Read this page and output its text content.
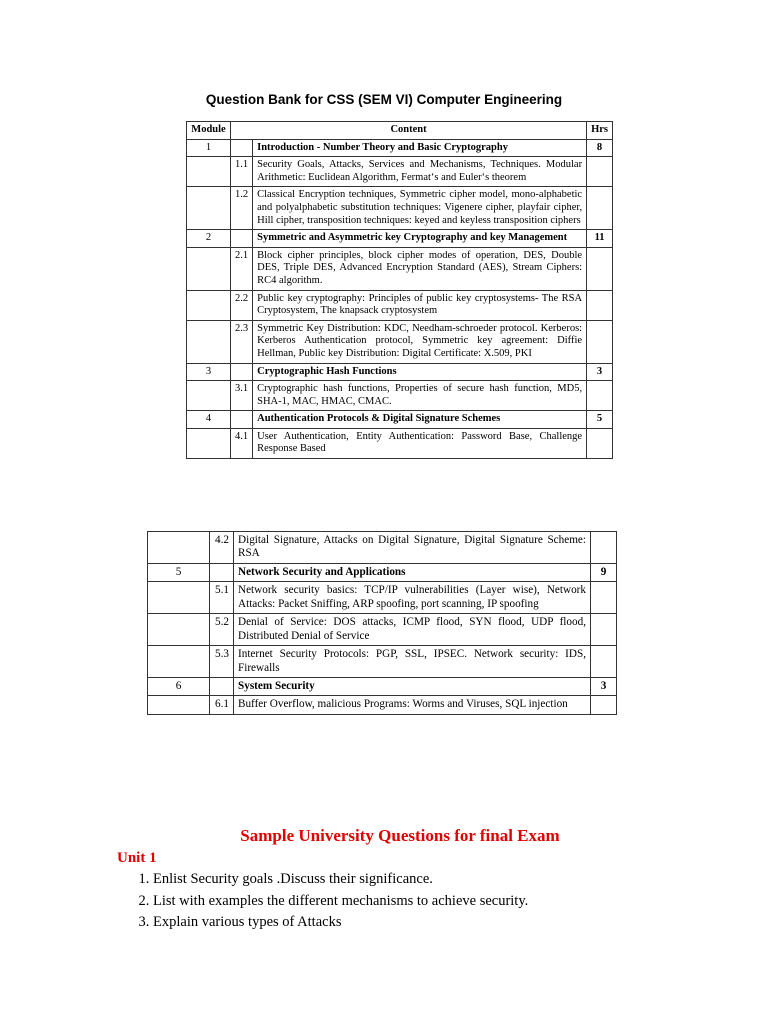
Question Bank for CSS (SEM VI) Computer Engineering
Module	Content		Hrs
1		Introduction - Number Theory and Basic Cryptography	8
	1.1	Security Goals, Attacks, Services and Mechanisms, Techniques. Modular Arithmetic: Euclidean Algorithm, Fermat‘s and Euler‘s theorem	
	1.2	Classical Encryption techniques, Symmetric cipher model, mono-alphabetic and polyalphabetic substitution techniques: Vigenere cipher, playfair cipher, Hill cipher, transposition techniques: keyed and keyless transposition ciphers	
2		Symmetric and Asymmetric key Cryptography and key Management	11
	2.1	Block cipher principles, block cipher modes of operation, DES, Double DES, Triple DES, Advanced Encryption Standard (AES), Stream Ciphers: RC4 algorithm.	
	2.2	Public key cryptography: Principles of public key cryptosystems- The RSA Cryptosystem, The knapsack cryptosystem	
	2.3	Symmetric Key Distribution: KDC, Needham-schroeder protocol. Kerberos: Kerberos Authentication protocol, Symmetric key agreement: Diffie Hellman, Public key Distribution: Digital Certificate: X.509, PKI	
3		Cryptographic Hash Functions	3
	3.1	Cryptographic hash functions, Properties of secure hash function, MD5, SHA-1, MAC, HMAC, CMAC.	
4		Authentication Protocols & Digital Signature Schemes	5
	4.1	User Authentication, Entity Authentication: Password Base, Challenge Response Based	
	4.2	Digital Signature, Attacks on Digital Signature, Digital Signature Scheme: RSA	
5		Network Security and Applications	9
	5.1	Network security basics: TCP/IP vulnerabilities (Layer wise), Network Attacks: Packet Sniffing, ARP spoofing, port scanning, IP spoofing	
	5.2	Denial of Service: DOS attacks, ICMP flood, SYN flood, UDP flood, Distributed Denial of Service	
	5.3	Internet Security Protocols: PGP, SSL, IPSEC. Network security: IDS, Firewalls	
6		System Security	3
	6.1	Buffer Overflow, malicious Programs: Worms and Viruses, SQL injection	
Sample University Questions for final Exam
Unit 1
1. Enlist Security goals .Discuss their significance.
2. List with examples the different mechanisms to achieve security.
3. Explain various types of Attacks
